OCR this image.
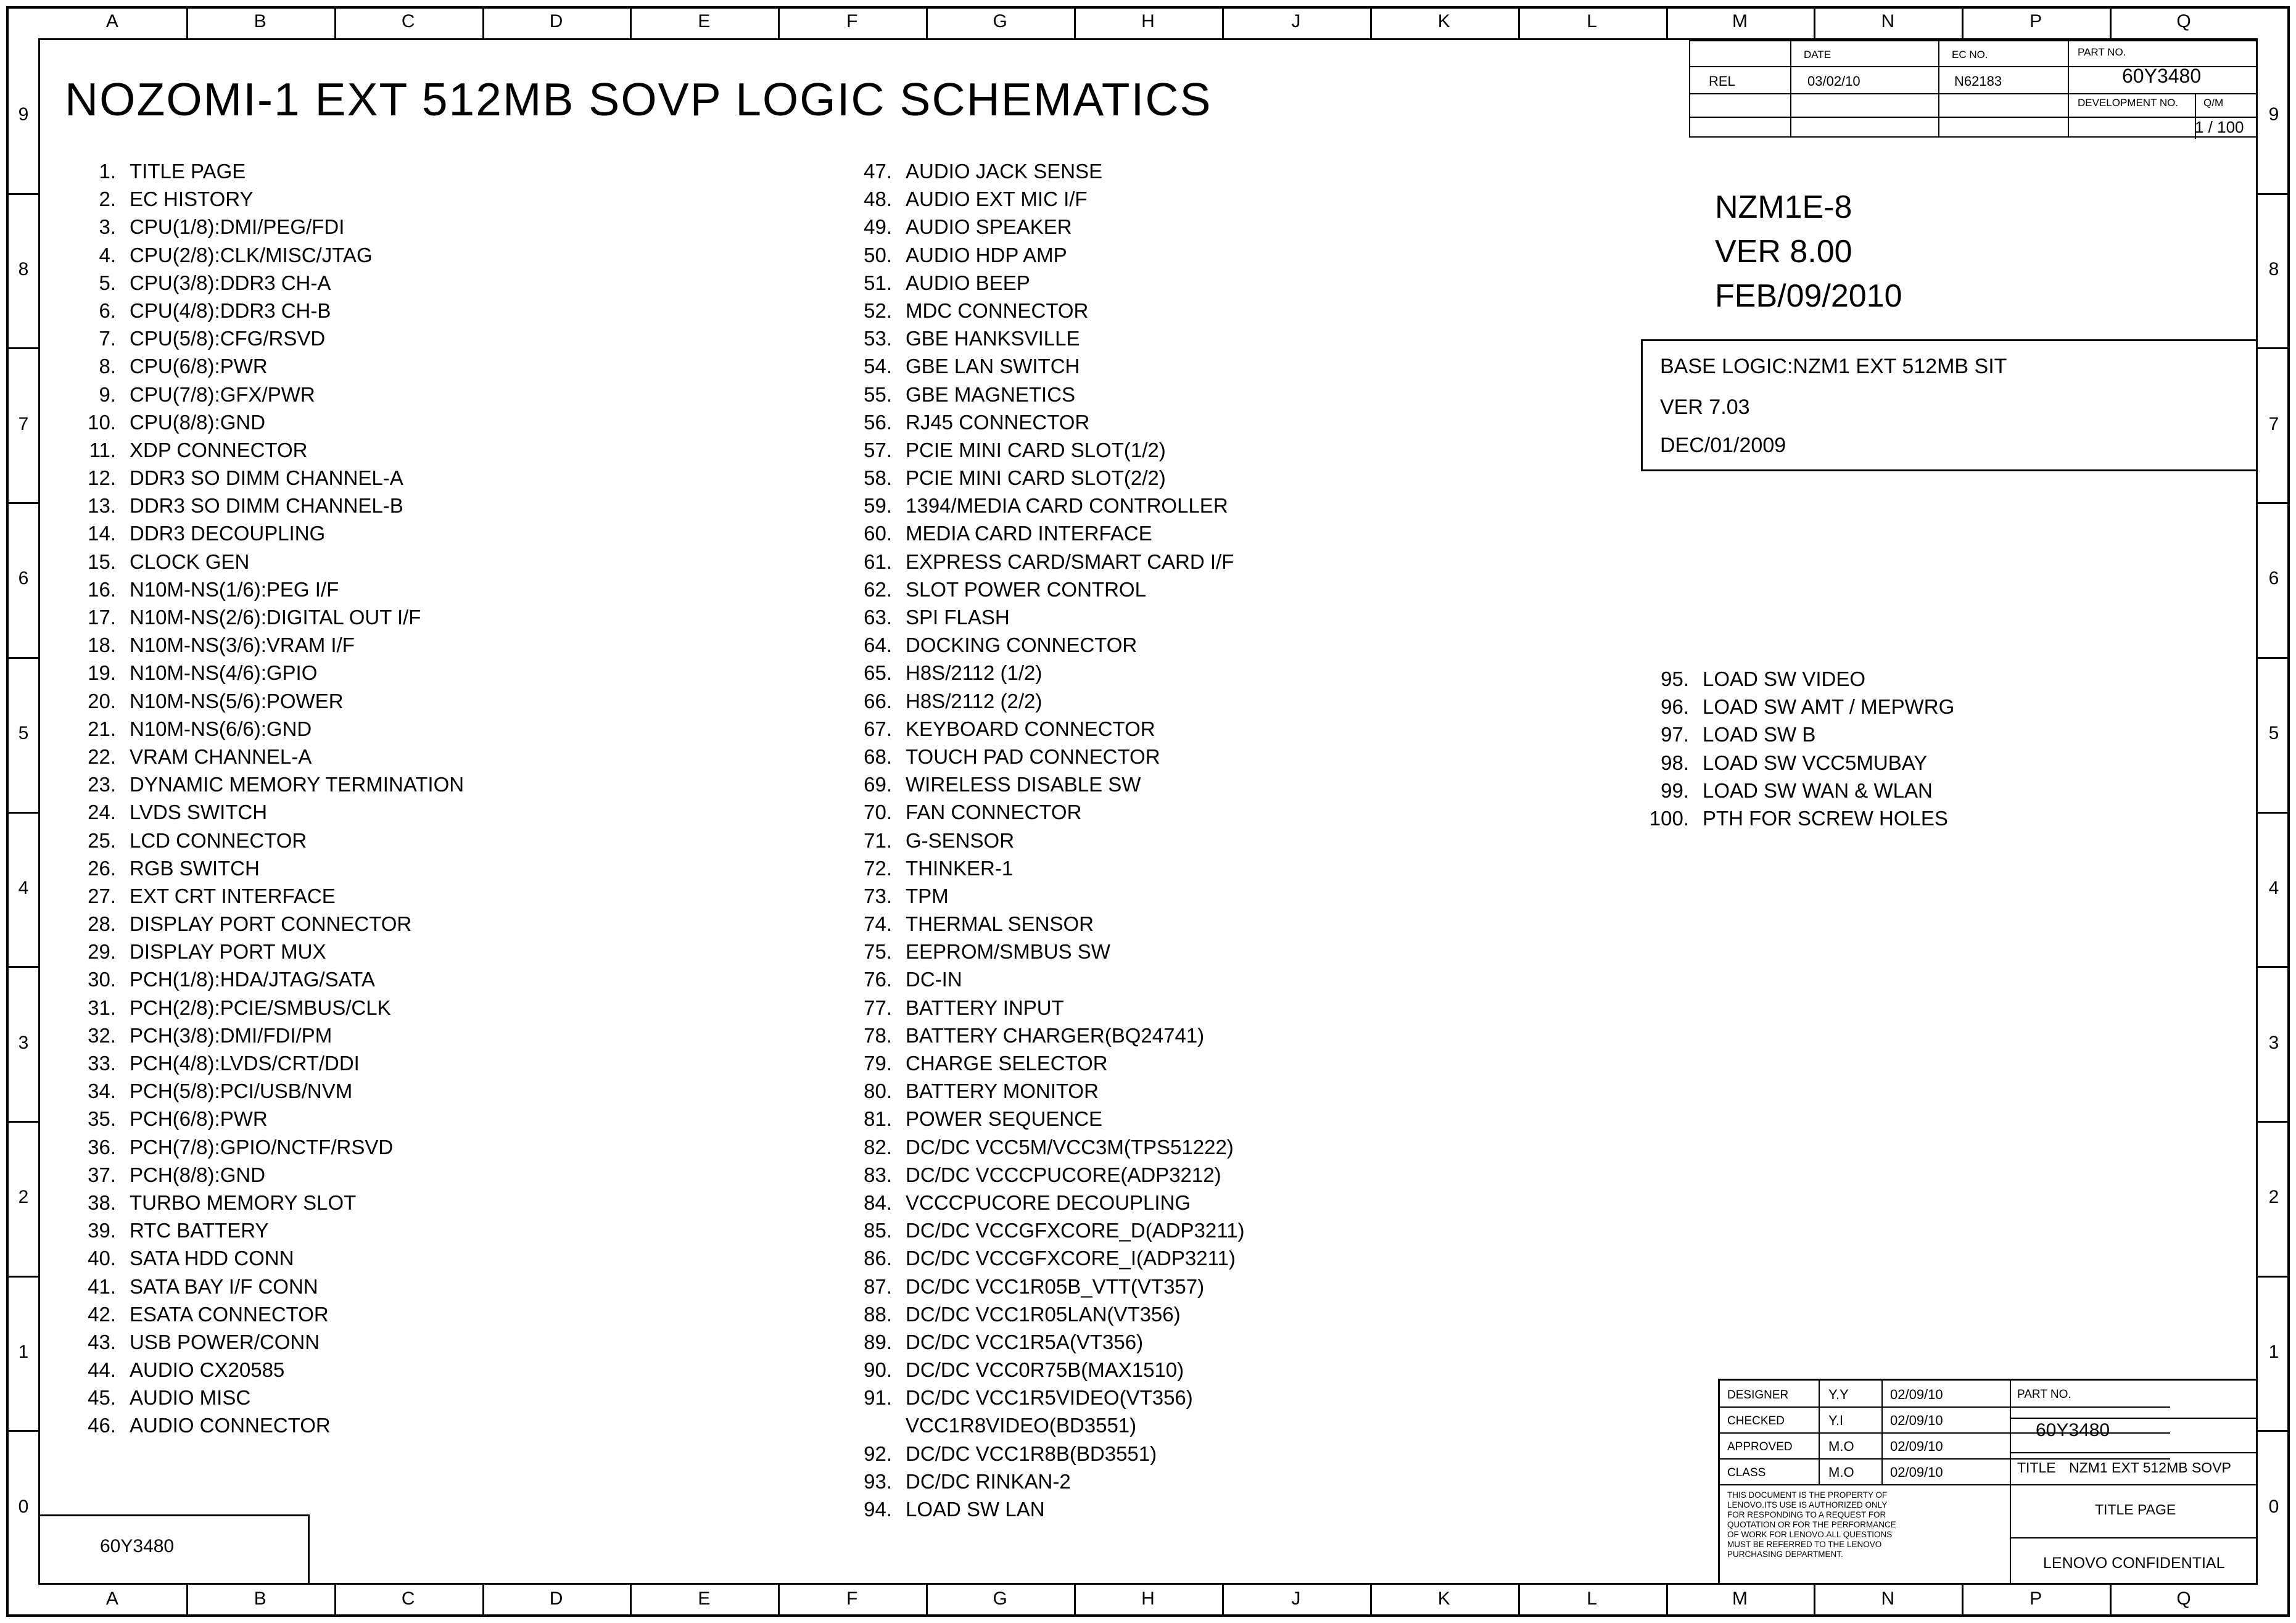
A	B	C	D	E	F	G	H	J	K	L	M	N	P	Q
A	B	C	D	E	F	G	H	J	K	L	M	N	P	Q
9
8
7
6
5
4
3
2
1
0
9
8
7
6
5
4
3
2
1
0
NOZOMI-1 EXT 512MB SOVP LOGIC SCHEMATICS
1. TITLE PAGE
2. EC HISTORY
3. CPU(1/8):DMI/PEG/FDI
4. CPU(2/8):CLK/MISC/JTAG
5. CPU(3/8):DDR3 CH-A
6. CPU(4/8):DDR3 CH-B
7. CPU(5/8):CFG/RSVD
8. CPU(6/8):PWR
9. CPU(7/8):GFX/PWR
10. CPU(8/8):GND
11. XDP CONNECTOR
12. DDR3 SO DIMM CHANNEL-A
13. DDR3 SO DIMM CHANNEL-B
14. DDR3 DECOUPLING
15. CLOCK GEN
16. N10M-NS(1/6):PEG I/F
17. N10M-NS(2/6):DIGITAL OUT I/F
18. N10M-NS(3/6):VRAM I/F
19. N10M-NS(4/6):GPIO
20. N10M-NS(5/6):POWER
21. N10M-NS(6/6):GND
22. VRAM CHANNEL-A
23. DYNAMIC MEMORY TERMINATION
24. LVDS SWITCH
25. LCD CONNECTOR
26. RGB SWITCH
27. EXT CRT INTERFACE
28. DISPLAY PORT CONNECTOR
29. DISPLAY PORT MUX
30. PCH(1/8):HDA/JTAG/SATA
31. PCH(2/8):PCIE/SMBUS/CLK
32. PCH(3/8):DMI/FDI/PM
33. PCH(4/8):LVDS/CRT/DDI
34. PCH(5/8):PCI/USB/NVM
35. PCH(6/8):PWR
36. PCH(7/8):GPIO/NCTF/RSVD
37. PCH(8/8):GND
38. TURBO MEMORY SLOT
39. RTC BATTERY
40. SATA HDD CONN
41. SATA BAY I/F CONN
42. ESATA CONNECTOR
43. USB POWER/CONN
44. AUDIO CX20585
45. AUDIO MISC
46. AUDIO CONNECTOR
47. AUDIO JACK SENSE
48. AUDIO EXT MIC I/F
49. AUDIO SPEAKER
50. AUDIO HDP AMP
51. AUDIO BEEP
52. MDC CONNECTOR
53. GBE HANKSVILLE
54. GBE LAN SWITCH
55. GBE MAGNETICS
56. RJ45 CONNECTOR
57. PCIE MINI CARD SLOT(1/2)
58. PCIE MINI CARD SLOT(2/2)
59. 1394/MEDIA CARD CONTROLLER
60. MEDIA CARD INTERFACE
61. EXPRESS CARD/SMART CARD I/F
62. SLOT POWER CONTROL
63. SPI FLASH
64. DOCKING CONNECTOR
65. H8S/2112 (1/2)
66. H8S/2112 (2/2)
67. KEYBOARD CONNECTOR
68. TOUCH PAD CONNECTOR
69. WIRELESS DISABLE SW
70. FAN CONNECTOR
71. G-SENSOR
72. THINKER-1
73. TPM
74. THERMAL SENSOR
75. EEPROM/SMBUS SW
76. DC-IN
77. BATTERY INPUT
78. BATTERY CHARGER(BQ24741)
79. CHARGE SELECTOR
80. BATTERY MONITOR
81. POWER SEQUENCE
82. DC/DC VCC5M/VCC3M(TPS51222)
83. DC/DC VCCCPUCORE(ADP3212)
84. VCCCPUCORE DECOUPLING
85. DC/DC VCCGFXCORE_D(ADP3211)
86. DC/DC VCCGFXCORE_I(ADP3211)
87. DC/DC VCC1R05B_VTT(VT357)
88. DC/DC VCC1R05LAN(VT356)
89. DC/DC VCC1R5A(VT356)
90. DC/DC VCC0R75B(MAX1510)
91. DC/DC VCC1R5VIDEO(VT356)
VCC1R8VIDEO(BD3551)
92. DC/DC VCC1R8B(BD3551)
93. DC/DC RINKAN-2
94. LOAD SW LAN
95. LOAD SW VIDEO
96. LOAD SW AMT / MEPWRG
97. LOAD SW B
98. LOAD SW VCC5MUBAY
99. LOAD SW WAN & WLAN
100. PTH FOR SCREW HOLES
DATE	EC NO.	PART NO.
60Y3480
REL	03/02/10	N62183
DEVELOPMENT NO. Q/M
1 / 100
NZM1E-8
VER 8.00
FEB/09/2010
BASE LOGIC:NZM1 EXT 512MB SIT
VER 7.03
DEC/01/2009
60Y3480
DESIGNER	Y.Y	02/09/10
CHECKED	Y.I	02/09/10
APPROVED	M.O	02/09/10
CLASS	M.O	02/09/10
PART NO.
60Y3480
TITLE NZM1 EXT 512MB SOVP
TITLE PAGE
THIS DOCUMENT IS THE PROPERTY OF LENOVO.ITS USE IS AUTHORIZED ONLY FOR RESPONDING TO A REQUEST FOR QUOTATION OR FOR THE PERFORMANCE OF WORK FOR LENOVO.ALL QUESTIONS MUST BE REFERRED TO THE LENOVO PURCHASING DEPARTMENT.
LENOVO CONFIDENTIAL
